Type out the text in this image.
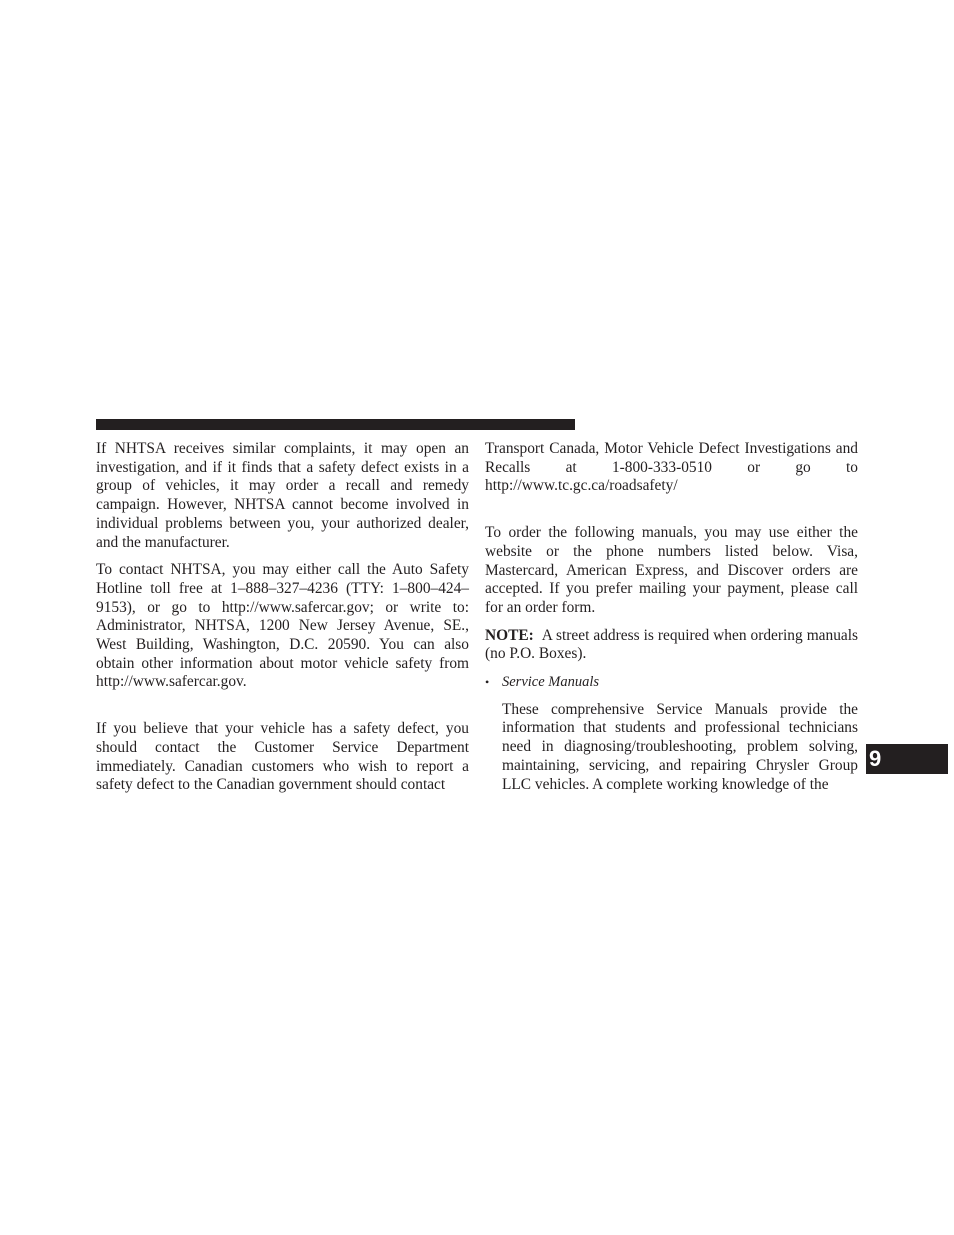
If NHTSA receives similar complaints, it may open an investigation, and if it finds that a safety defect exists in a group of vehicles, it may order a recall and remedy campaign. However, NHTSA cannot become involved in individual problems between you, your authorized dealer, and the manufacturer.

To contact NHTSA, you may either call the Auto Safety Hotline toll free at 1–888–327–4236 (TTY: 1–800–424–9153), or go to http://www.safercar.gov; or write to: Administrator, NHTSA, 1200 New Jersey Avenue, SE., West Building, Washington, D.C. 20590. You can also obtain other information about motor vehicle safety from http://www.safercar.gov.

If you believe that your vehicle has a safety defect, you should contact the Customer Service Department immediately. Canadian customers who wish to report a safety defect to the Canadian government should contact

Transport Canada, Motor Vehicle Defect Investigations and Recalls at 1-800-333-0510 or go to http://www.tc.gc.ca/roadsafety/

To order the following manuals, you may use either the website or the phone numbers listed below. Visa, Mastercard, American Express, and Discover orders are accepted. If you prefer mailing your payment, please call for an order form.

NOTE: A street address is required when ordering manuals (no P.O. Boxes).

• Service Manuals

These comprehensive Service Manuals provide the information that students and professional technicians need in diagnosing/troubleshooting, problem solving, maintaining, servicing, and repairing Chrysler Group LLC vehicles. A complete working knowledge of the

9
